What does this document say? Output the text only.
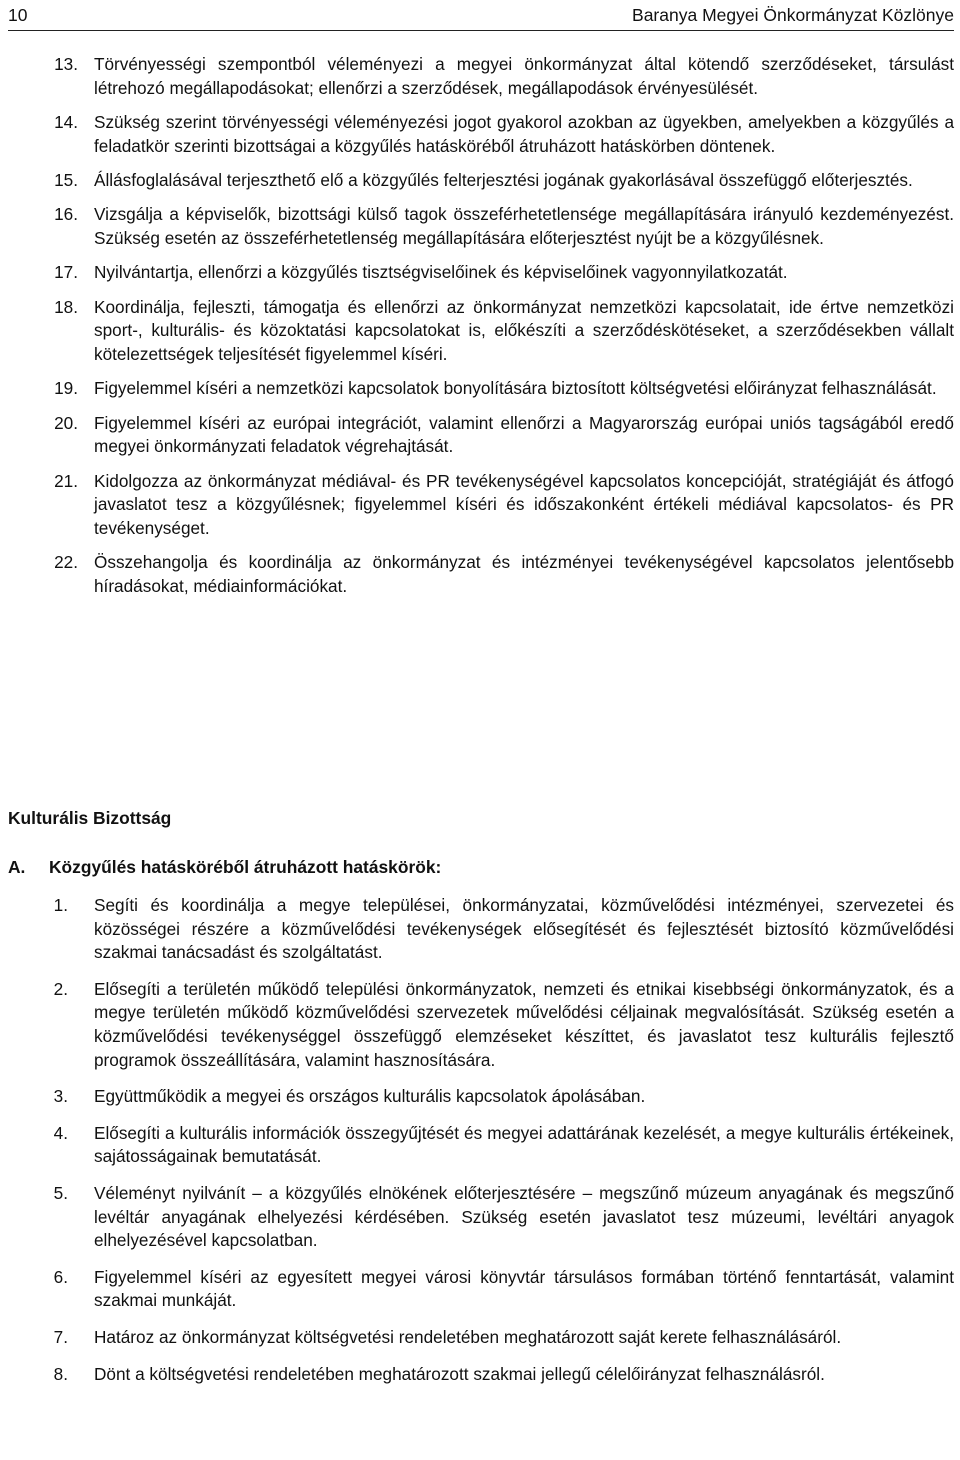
10	Baranya Megyei Önkormányzat Közlönye
13. Törvényességi szempontból véleményezi a megyei önkormányzat által kötendő szerződéseket, társulást létrehozó megállapodásokat; ellenőrzi a szerződések, megállapodások érvényesülését.
14. Szükség szerint törvényességi véleményezési jogot gyakorol azokban az ügyekben, amelyekben a közgyűlés a feladatkör szerinti bizottságai a közgyűlés hatásköréből átruházott hatáskörben döntenek.
15. Állásfoglalásával terjeszthető elő a közgyűlés felterjesztési jogának gyakorlásával összefüggő előterjesztés.
16. Vizsgálja a képviselők, bizottsági külső tagok összeférhetetlensége megállapítására irányuló kezdeményezést. Szükség esetén az összeférhetetlenség megállapítására előterjesztést nyújt be a közgyűlésnek.
17. Nyilvántartja, ellenőrzi a közgyűlés tisztségviselőinek és képviselőinek vagyonnyilatkozatát.
18. Koordinálja, fejleszti, támogatja és ellenőrzi az önkormányzat nemzetközi kapcsolatait, ide értve nemzetközi sport-, kulturális- és közoktatási kapcsolatokat is, előkészíti a szerződéskötéseket, a szerződésekben vállalt kötelezettségek teljesítését figyelemmel kíséri.
19. Figyelemmel kíséri a nemzetközi kapcsolatok bonyolítására biztosított költségvetési előirányzat felhasználását.
20. Figyelemmel kíséri az európai integrációt, valamint ellenőrzi a Magyarország európai uniós tagságából eredő megyei önkormányzati feladatok végrehajtását.
21. Kidolgozza az önkormányzat médiával- és PR tevékenységével kapcsolatos koncepcióját, stratégiáját és átfogó javaslatot tesz a közgyűlésnek; figyelemmel kíséri és időszakonként értékeli médiával kapcsolatos- és PR tevékenységet.
22. Összehangolja és koordinálja az önkormányzat és intézményei tevékenységével kapcsolatos jelentősebb híradásokat, médiainformációkat.
Kulturális Bizottság
A. Közgyűlés hatásköréből átruházott hatáskörök:
1. Segíti és koordinálja a megye települései, önkormányzatai, közművelődési intézményei, szervezetei és közösségei részére a közművelődési tevékenységek elősegítését és fejlesztését biztosító közművelődési szakmai tanácsadást és szolgáltatást.
2. Elősegíti a területén működő települési önkormányzatok, nemzeti és etnikai kisebbségi önkormányzatok, és a megye területén működő közművelődési szervezetek művelődési céljainak megvalósítását. Szükség esetén a közművelődési tevékenységgel összefüggő elemzéseket készíttet, és javaslatot tesz kulturális fejlesztő programok összeállítására, valamint hasznosítására.
3. Együttműködik a megyei és országos kulturális kapcsolatok ápolásában.
4. Elősegíti a kulturális információk összegyűjtését és megyei adattárának kezelését, a megye kulturális értékeinek, sajátosságainak bemutatását.
5. Véleményt nyilvánít – a közgyűlés elnökének előterjesztésére – megszűnő múzeum anyagának és megszűnő levéltár anyagának elhelyezési kérdésében. Szükség esetén javaslatot tesz múzeumi, levéltári anyagok elhelyezésével kapcsolatban.
6. Figyelemmel kíséri az egyesített megyei városi könyvtár társulásos formában történő fenntartását, valamint szakmai munkáját.
7. Határoz az önkormányzat költségvetési rendeletében meghatározott saját kerete felhasználásáról.
8. Dönt a költségvetési rendeletében meghatározott szakmai jellegű célelőirányzat felhasználásról.
